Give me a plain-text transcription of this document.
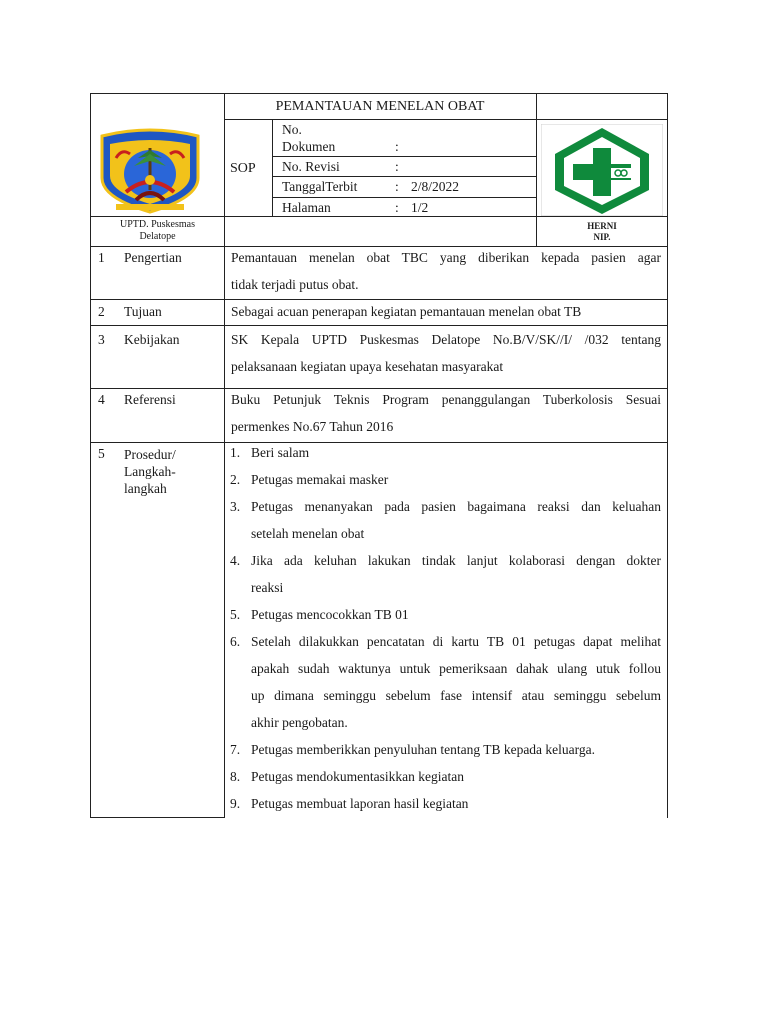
UPTD. Puskesmas
Delatope
PEMANTAUAN MENELAN OBAT
SOP
No.
Dokumen	:
No. Revisi	:
TanggalTerbit	: 2/8/2022
Halaman	: 1/2
HERNI
NIP.
1 Pengertian	Pemantauan menelan obat TBC yang diberikan kepada pasien agar
tidak terjadi putus obat.
2 Tujuan	Sebagai acuan penerapan kegiatan pemantauan menelan obat TB
3 Kebijakan	SK Kepala UPTD Puskesmas Delatope No.B/V/SK//I/ /032 tentang
pelaksanaan kegiatan upaya kesehatan masyarakat
4 Referensi	Buku Petunjuk Teknis Program penanggulangan Tuberkolosis Sesuai
permenkes No.67 Tahun 2016
5 Prosedur/
Langkah-
langkah
1. Beri salam
2. Petugas memakai masker
3. Petugas menanyakan pada pasien bagaimana reaksi dan keluahan
setelah menelan obat
4. Jika ada keluhan lakukan tindak lanjut kolaborasi dengan dokter
reaksi
5. Petugas mencocokkan TB 01
6. Setelah dilakukkan pencatatan di kartu TB 01 petugas dapat melihat
apakah sudah waktunya untuk pemeriksaan dahak ulang utuk follou
up dimana seminggu sebelum fase intensif atau seminggu sebelum
akhir pengobatan.
7. Petugas memberikkan penyuluhan tentang TB kepada keluarga.
8. Petugas mendokumentasikkan kegiatan
9. Petugas membuat laporan hasil kegiatan
